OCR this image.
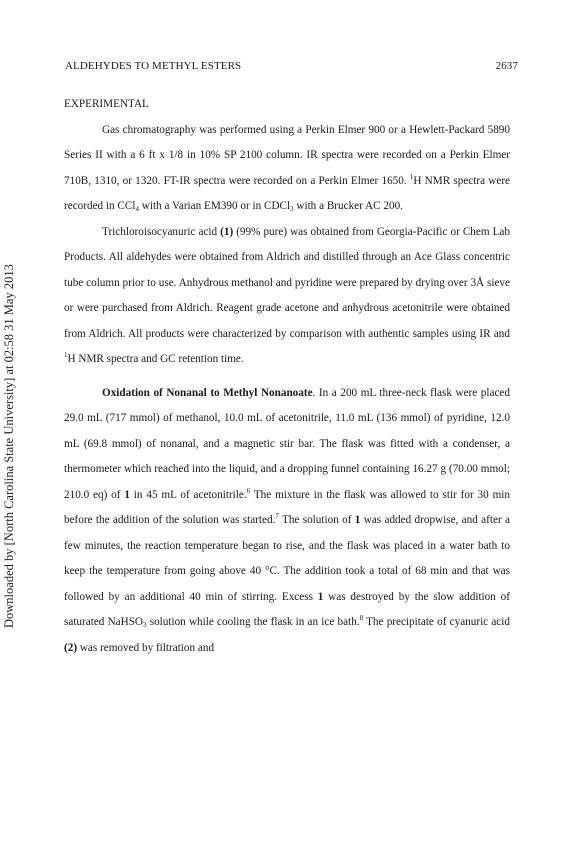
Downloaded by [North Carolina State University] at 02:58 31 May 2013
ALDEHYDES TO METHYL ESTERS	2637

EXPERIMENTAL

Gas chromatography was performed using a Perkin Elmer 900 or a Hewlett-Packard 5890 Series II with a 6 ft x 1/8 in 10% SP 2100 column. IR spectra were recorded on a Perkin Elmer 710B, 1310, or 1320. FT-IR spectra were recorded on a Perkin Elmer 1650. $^1$H NMR spectra were recorded in CCl$_4$ with a Varian EM390 or in CDCl$_3$ with a Brucker AC 200.

Trichloroisocyanuric acid (1) (99% pure) was obtained from Georgia-Pacific or Chem Lab Products. All aldehydes were obtained from Aldrich and distilled through an Ace Glass concentric tube column prior to use. Anhydrous methanol and pyridine were prepared by drying over 3Å sieve or were purchased from Aldrich. Reagent grade acetone and anhydrous acetonitrile were obtained from Aldrich. All products were characterized by comparison with authentic samples using IR and $^1$H NMR spectra and GC retention time.

Oxidation of Nonanal to Methyl Nonanoate. In a 200 mL three-neck flask were placed 29.0 mL (717 mmol) of methanol, 10.0 mL of acetonitrile, 11.0 mL (136 mmol) of pyridine, 12.0 mL (69.8 mmol) of nonanal, and a magnetic stir bar. The flask was fitted with a condenser, a thermometer which reached into the liquid, and a dropping funnel containing 16.27 g (70.00 mmol; 210.0 eq) of 1 in 45 mL of acetonitrile.$^6$ The mixture in the flask was allowed to stir for 30 min before the addition of the solution was started.$^7$ The solution of 1 was added dropwise, and after a few minutes, the reaction temperature began to rise, and the flask was placed in a water bath to keep the temperature from going above 40 °C. The addition took a total of 68 min and that was followed by an additional 40 min of stirring. Excess 1 was destroyed by the slow addition of saturated NaHSO$_3$ solution while cooling the flask in an ice bath.$^8$ The precipitate of cyanuric acid (2) was removed by filtration and
